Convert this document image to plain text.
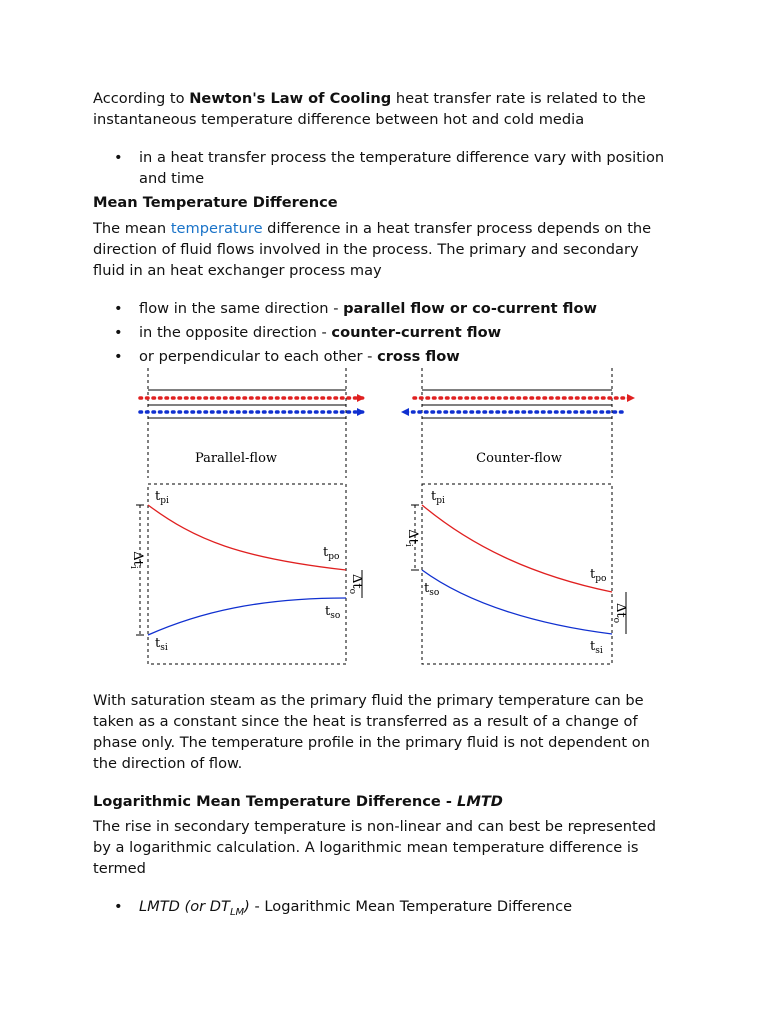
According to Newton's Law of Cooling heat transfer rate is related to the instantaneous temperature difference between hot and cold media

• in a heat transfer process the temperature difference vary with position and time
Mean Temperature Difference

The mean temperature difference in a heat transfer process depends on the direction of fluid flows involved in the process. The primary and secondary fluid in an heat exchanger process may

• flow in the same direction - parallel flow or co-current flow
• in the opposite direction - counter-current flow
• or perpendicular to each other - cross flow
Parallel-flow
$t_{pi}$
$t_{po}$
$t_{so}$
$t_{si}$
$\Delta t_i$
$\Delta t_o$
Counter-flow
$t_{pi}$
$t_{po}$
$t_{so}$
$t_{si}$
$\Delta t_i$
$\Delta t_o$

With saturation steam as the primary fluid the primary temperature can be taken as a constant since the heat is transferred as a result of a change of phase only. The temperature profile in the primary fluid is not dependent on the direction of flow.

Logarithmic Mean Temperature Difference - LMTD

The rise in secondary temperature is non-linear and can best be represented by a logarithmic calculation. A logarithmic mean temperature difference is termed

• LMTD (or $DT_{LM}$) - Logarithmic Mean Temperature Difference
